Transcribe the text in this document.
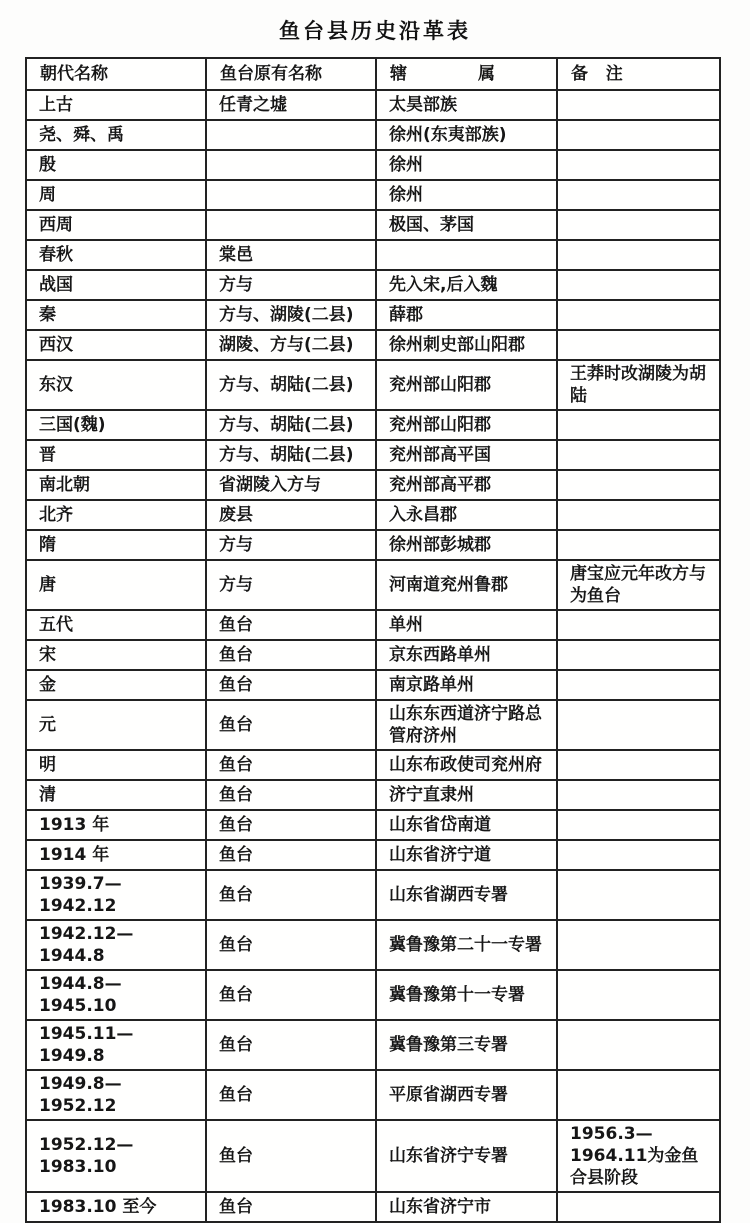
鱼台县历史沿革表
朝代名称	鱼台原有名称	辖            属	备   注
上古	任青之墟	太昊部族	
尧、舜、禹		徐州(东夷部族)	
殷		徐州	
周		徐州	
西周		极国、茅国	
春秋	棠邑		
战国	方与	先入宋,后入魏	
秦	方与、湖陵(二县)	薛郡	
西汉	湖陵、方与(二县)	徐州刺史部山阳郡	
东汉	方与、胡陆(二县)	兖州部山阳郡	王莽时改湖陵为胡陆
三国(魏)	方与、胡陆(二县)	兖州部山阳郡	
晋	方与、胡陆(二县)	兖州部高平国	
南北朝	省湖陵入方与	兖州部高平郡	
北齐	废县	入永昌郡	
隋	方与	徐州部彭城郡	
唐	方与	河南道兖州鲁郡	唐宝应元年改方与为鱼台
五代	鱼台	单州	
宋	鱼台	京东西路单州	
金	鱼台	南京路单州	
元	鱼台	山东东西道济宁路总管府济州	
明	鱼台	山东布政使司兖州府	
清	鱼台	济宁直隶州	
1913 年	鱼台	山东省岱南道	
1914 年	鱼台	山东省济宁道	
1939.7—1942.12	鱼台	山东省湖西专署	
1942.12—1944.8	鱼台	冀鲁豫第二十一专署	
1944.8—1945.10	鱼台	冀鲁豫第十一专署	
1945.11—1949.8	鱼台	冀鲁豫第三专署	
1949.8—1952.12	鱼台	平原省湖西专署	
1952.12—1983.10	鱼台	山东省济宁专署	1956.3—1964.11为金鱼合县阶段
1983.10 至今	鱼台	山东省济宁市	
